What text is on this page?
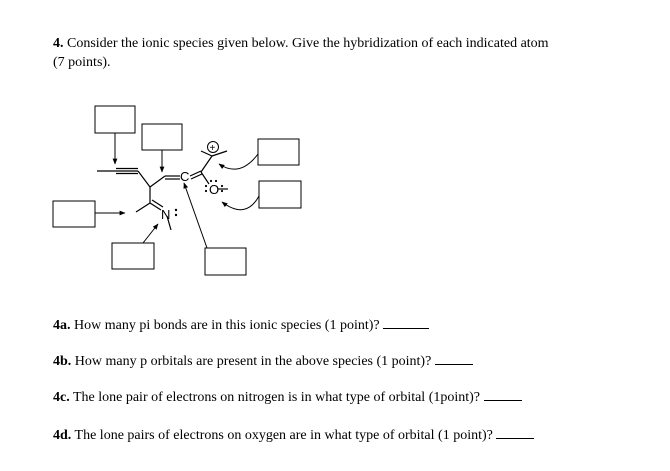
4. Consider the ionic species given below. Give the hybridization of each indicated atom
(7 points).
C
N
O
+
4a. How many pi bonds are in this ionic species (1 point)?
4b. How many p orbitals are present in the above species (1 point)?
4c. The lone pair of electrons on nitrogen is in what type of orbital (1point)?
4d. The lone pairs of electrons on oxygen are in what type of orbital (1 point)?
